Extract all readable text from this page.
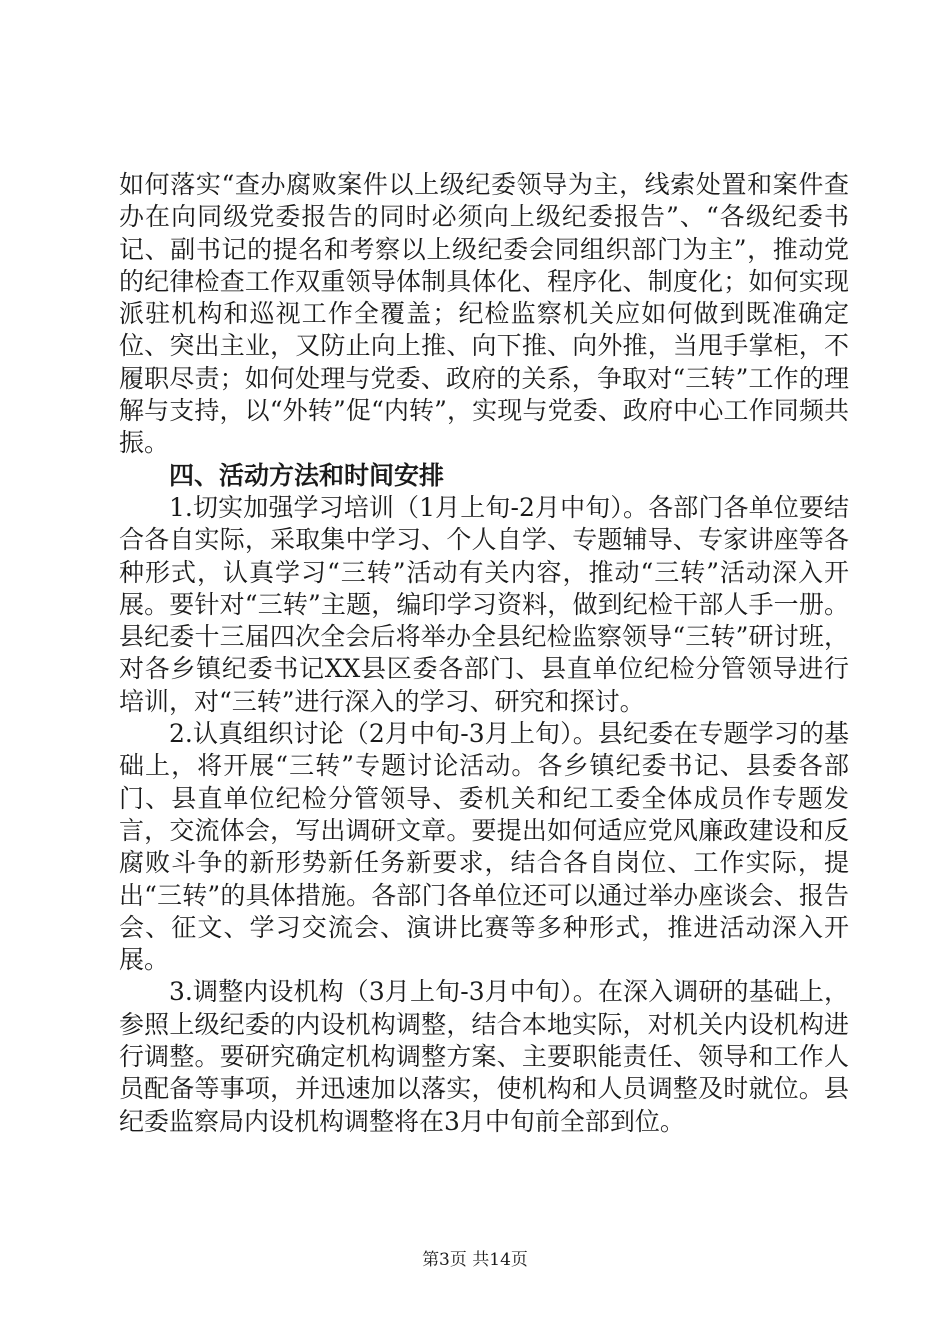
如何落实“查办腐败案件以上级纪委领导为主，线索处置和案件查办在向同级党委报告的同时必须向上级纪委报告”、“各级纪委书记、副书记的提名和考察以上级纪委会同组织部门为主”，推动党的纪律检查工作双重领导体制具体化、程序化、制度化；如何实现派驻机构和巡视工作全覆盖；纪检监察机关应如何做到既准确定位、突出主业，又防止向上推、向下推、向外推，当甩手掌柜，不履职尽责；如何处理与党委、政府的关系，争取对“三转”工作的理解与支持，以“外转”促“内转”，实现与党委、政府中心工作同频共振。

四、活动方法和时间安排

1.切实加强学习培训（1月上旬-2月中旬）。各部门各单位要结合各自实际，采取集中学习、个人自学、专题辅导、专家讲座等各种形式，认真学习“三转”活动有关内容，推动“三转”活动深入开展。要针对“三转”主题，编印学习资料，做到纪检干部人手一册。县纪委十三届四次全会后将举办全县纪检监察领导“三转”研讨班，对各乡镇纪委书记XX县区委各部门、县直单位纪检分管领导进行培训，对“三转”进行深入的学习、研究和探讨。

2.认真组织讨论（2月中旬-3月上旬）。县纪委在专题学习的基础上，将开展“三转”专题讨论活动。各乡镇纪委书记、县委各部门、县直单位纪检分管领导、委机关和纪工委全体成员作专题发言，交流体会，写出调研文章。要提出如何适应党风廉政建设和反腐败斗争的新形势新任务新要求，结合各自岗位、工作实际，提出“三转”的具体措施。各部门各单位还可以通过举办座谈会、报告会、征文、学习交流会、演讲比赛等多种形式，推进活动深入开展。

3.调整内设机构（3月上旬-3月中旬）。在深入调研的基础上，参照上级纪委的内设机构调整，结合本地实际，对机关内设机构进行调整。要研究确定机构调整方案、主要职能责任、领导和工作人员配备等事项，并迅速加以落实，使机构和人员调整及时就位。县纪委监察局内设机构调整将在3月中旬前全部到位。

第3页 共14页
